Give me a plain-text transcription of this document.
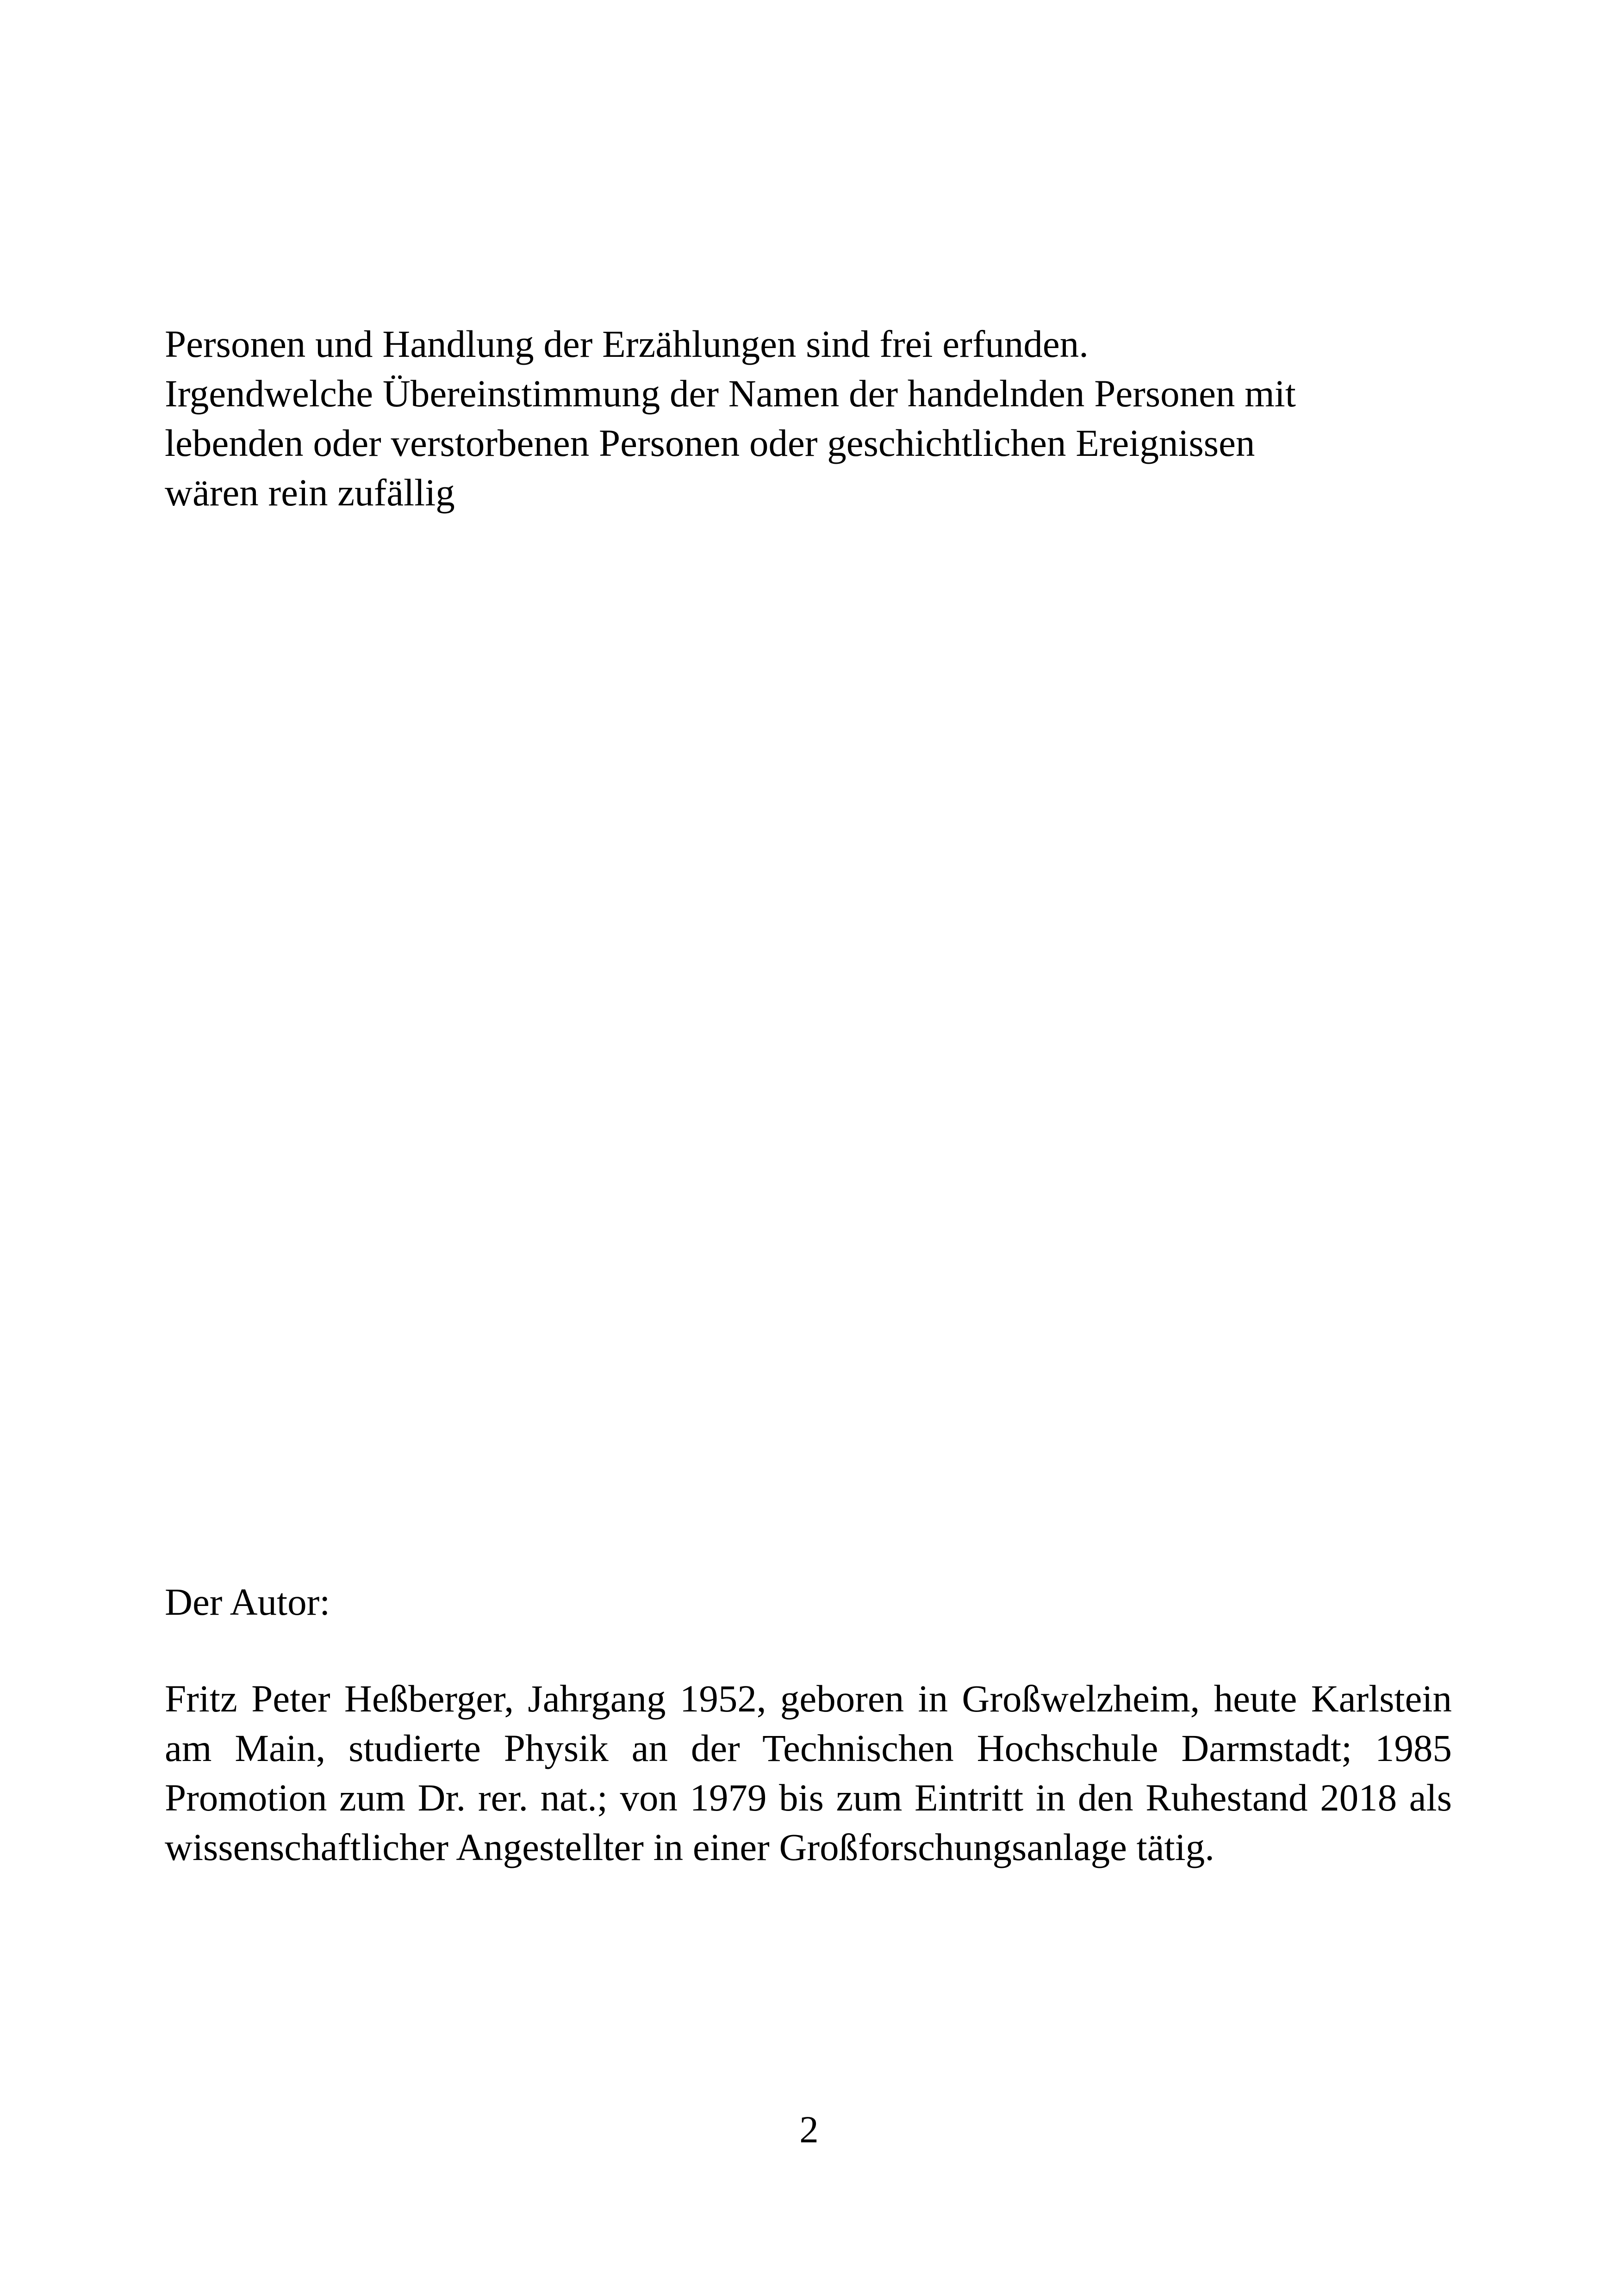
Personen und Handlung der Erzählungen sind frei erfunden.
Irgendwelche Übereinstimmung der Namen der handelnden Personen mit
lebenden oder verstorbenen Personen oder geschichtlichen Ereignissen
wären rein zufällig

Der Autor:

Fritz Peter Heßberger, Jahrgang 1952, geboren in Großwelzheim, heute Karlstein am Main, studierte Physik an der Technischen Hochschule Darmstadt; 1985 Promotion zum Dr. rer. nat.; von 1979 bis zum Eintritt in den Ruhestand 2018 als wissenschaftlicher Angestellter in einer Großforschungsanlage tätig.

2
